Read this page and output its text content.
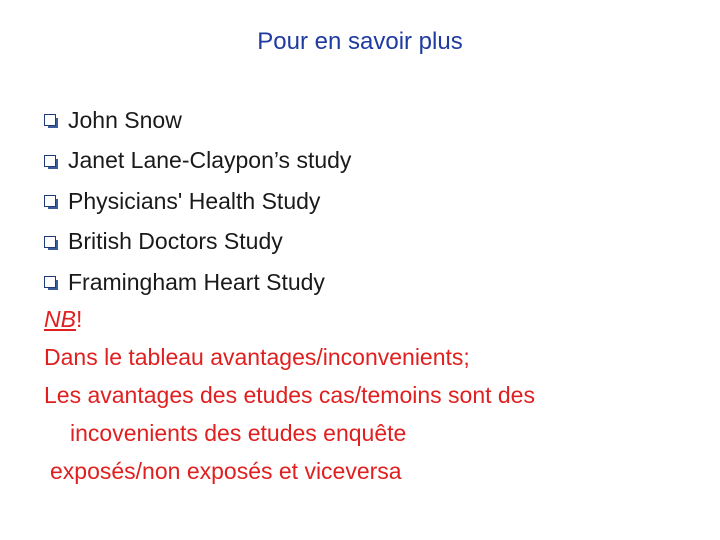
Pour en savoir plus
John Snow
Janet Lane-Claypon’s study
Physicians' Health Study
British Doctors Study
Framingham Heart Study
NB!
Dans le tableau avantages/inconvenients;
Les avantages des etudes cas/temoins sont des
incovenients des etudes enquête
exposés/non exposés et viceversa
